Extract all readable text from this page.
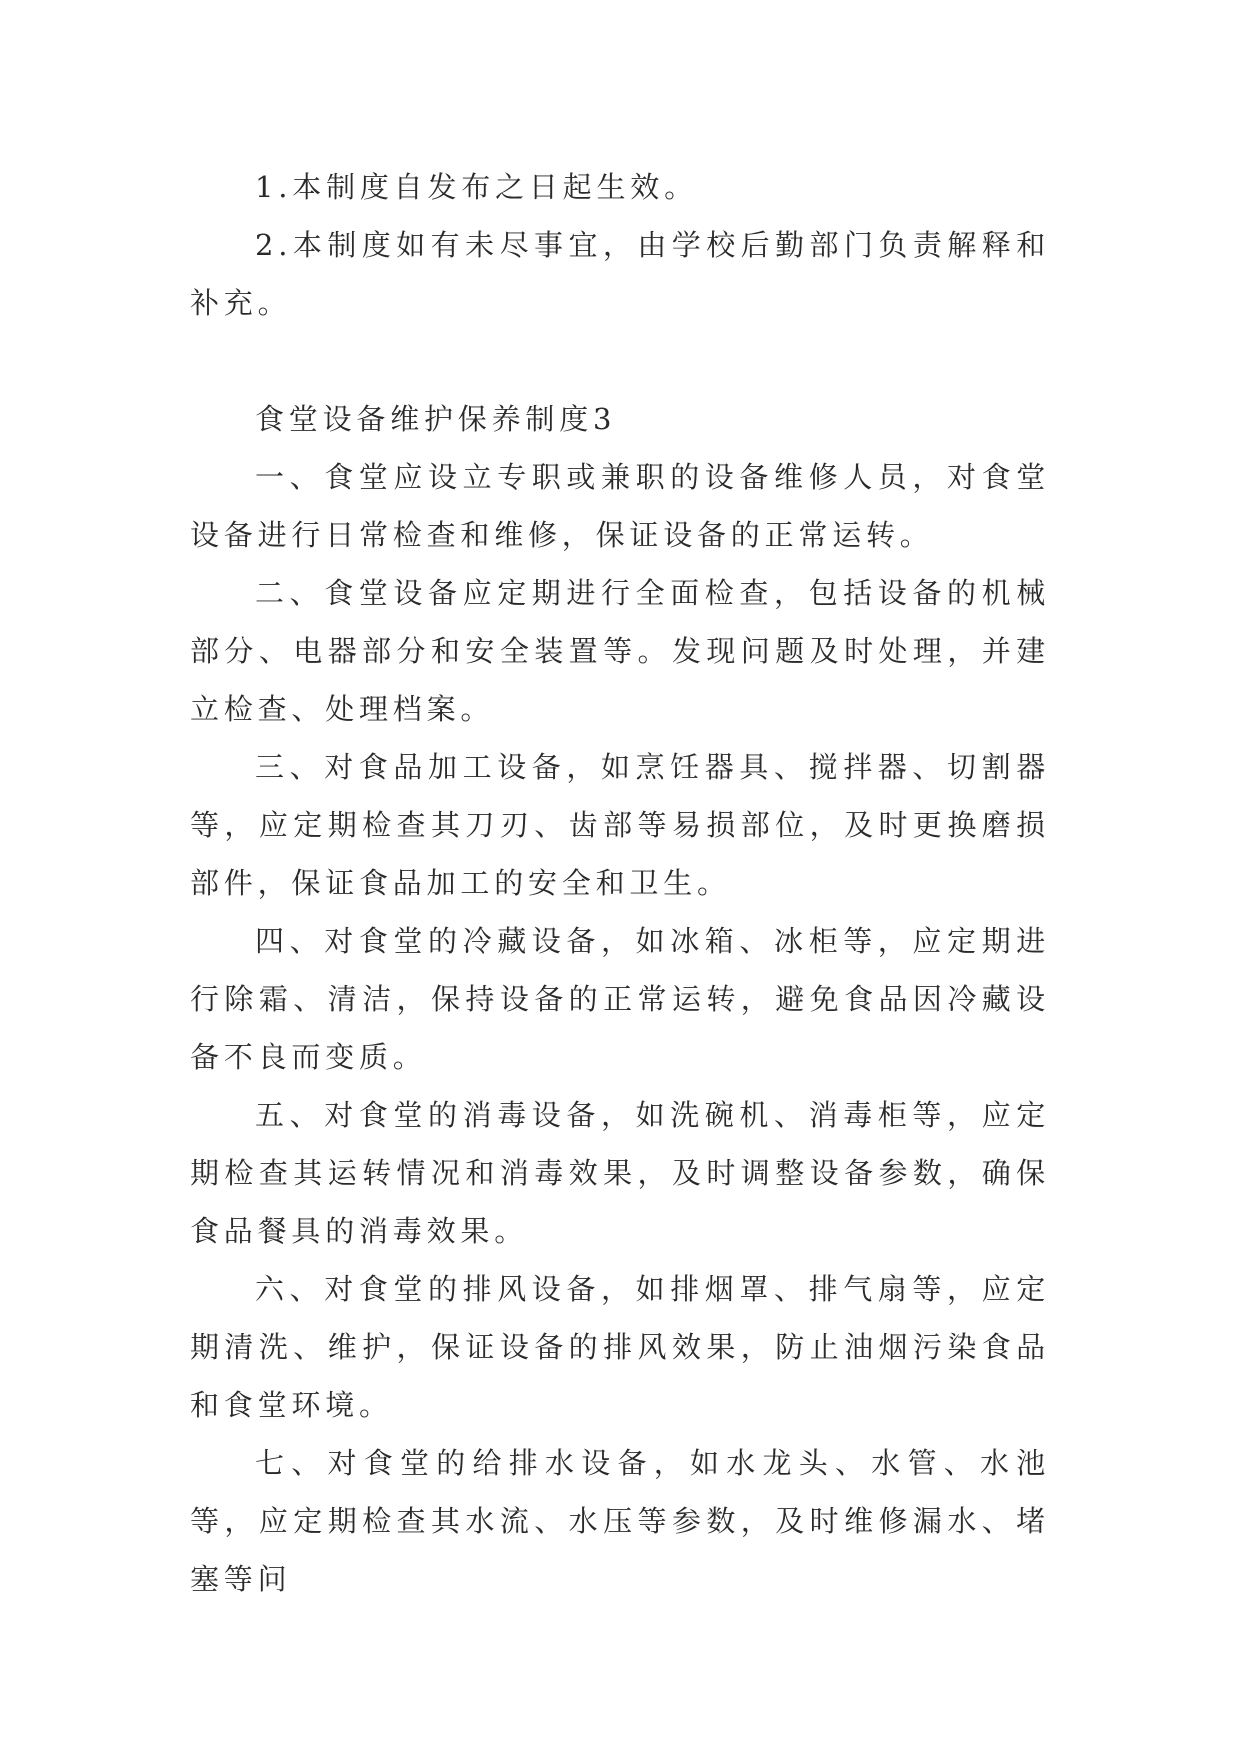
1.本制度自发布之日起生效。

2.本制度如有未尽事宜，由学校后勤部门负责解释和补充。

食堂设备维护保养制度3

一、食堂应设立专职或兼职的设备维修人员，对食堂设备进行日常检查和维修，保证设备的正常运转。

二、食堂设备应定期进行全面检查，包括设备的机械部分、电器部分和安全装置等。发现问题及时处理，并建立检查、处理档案。

三、对食品加工设备，如烹饪器具、搅拌器、切割器等，应定期检查其刀刃、齿部等易损部位，及时更换磨损部件，保证食品加工的安全和卫生。

四、对食堂的冷藏设备，如冰箱、冰柜等，应定期进行除霜、清洁，保持设备的正常运转，避免食品因冷藏设备不良而变质。

五、对食堂的消毒设备，如洗碗机、消毒柜等，应定期检查其运转情况和消毒效果，及时调整设备参数，确保食品餐具的消毒效果。

六、对食堂的排风设备，如排烟罩、排气扇等，应定期清洗、维护，保证设备的排风效果，防止油烟污染食品和食堂环境。

七、对食堂的给排水设备，如水龙头、水管、水池等，应定期检查其水流、水压等参数，及时维修漏水、堵塞等问
